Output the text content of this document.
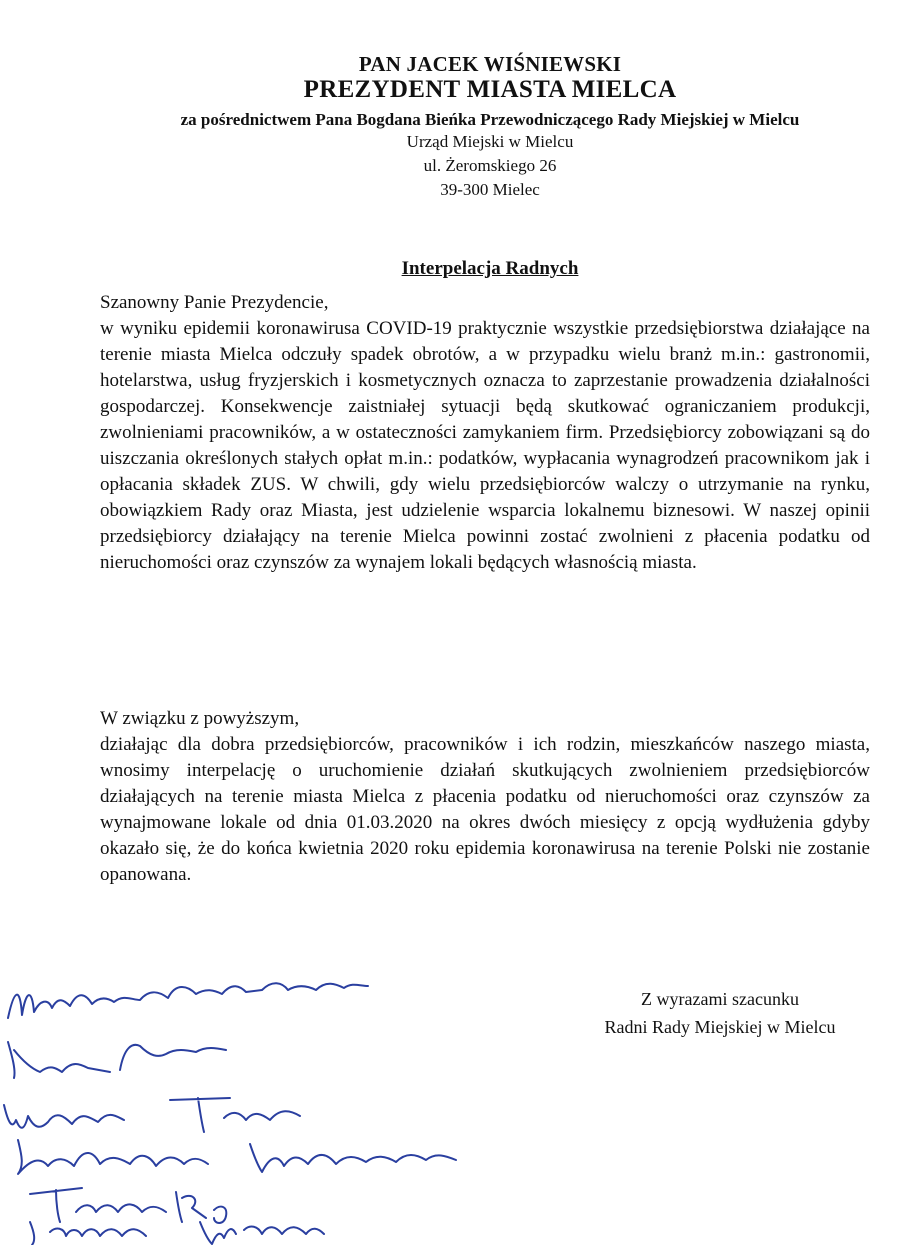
PAN JACEK WIŚNIEWSKI
PREZYDENT MIASTA MIELCA
za pośrednictwem Pana Bogdana Bieńka Przewodniczącego Rady Miejskiej w Mielcu
Urząd Miejski w Mielcu
ul. Żeromskiego 26
39-300 Mielec
Interpelacja Radnych

Szanowny Panie Prezydencie,

w wyniku epidemii koronawirusa COVID-19 praktycznie wszystkie przedsiębiorstwa działające na terenie miasta Mielca odczuły spadek obrotów, a w przypadku wielu branż m.in.: gastronomii, hotelarstwa, usług fryzjerskich i kosmetycznych oznacza to zaprzestanie prowadzenia działalności gospodarczej. Konsekwencje zaistniałej sytuacji będą skutkować ograniczaniem produkcji, zwolnieniami pracowników, a w ostateczności zamykaniem firm. Przedsiębiorcy zobowiązani są do uiszczania określonych stałych opłat m.in.: podatków, wypłacania wynagrodzeń pracownikom jak i opłacania składek ZUS. W chwili, gdy wielu przedsiębiorców walczy o utrzymanie na rynku, obowiązkiem Rady oraz Miasta, jest udzielenie wsparcia lokalnemu biznesowi. W naszej opinii przedsiębiorcy działający na terenie Mielca powinni zostać zwolnieni z płacenia podatku od nieruchomości oraz czynszów za wynajem lokali będących własnością miasta.

W związku z powyższym,

działając dla dobra przedsiębiorców, pracowników i ich rodzin, mieszkańców naszego miasta, wnosimy interpelację o uruchomienie działań skutkujących zwolnieniem przedsiębiorców działających na terenie miasta Mielca z płacenia podatku od nieruchomości oraz czynszów za wynajmowane lokale od dnia 01.03.2020 na okres dwóch miesięcy z opcją wydłużenia gdyby okazało się, że do końca kwietnia 2020 roku epidemia koronawirusa na terenie Polski nie zostanie opanowana.

Z wyrazami szacunku
Radni Rady Miejskiej w Mielcu
